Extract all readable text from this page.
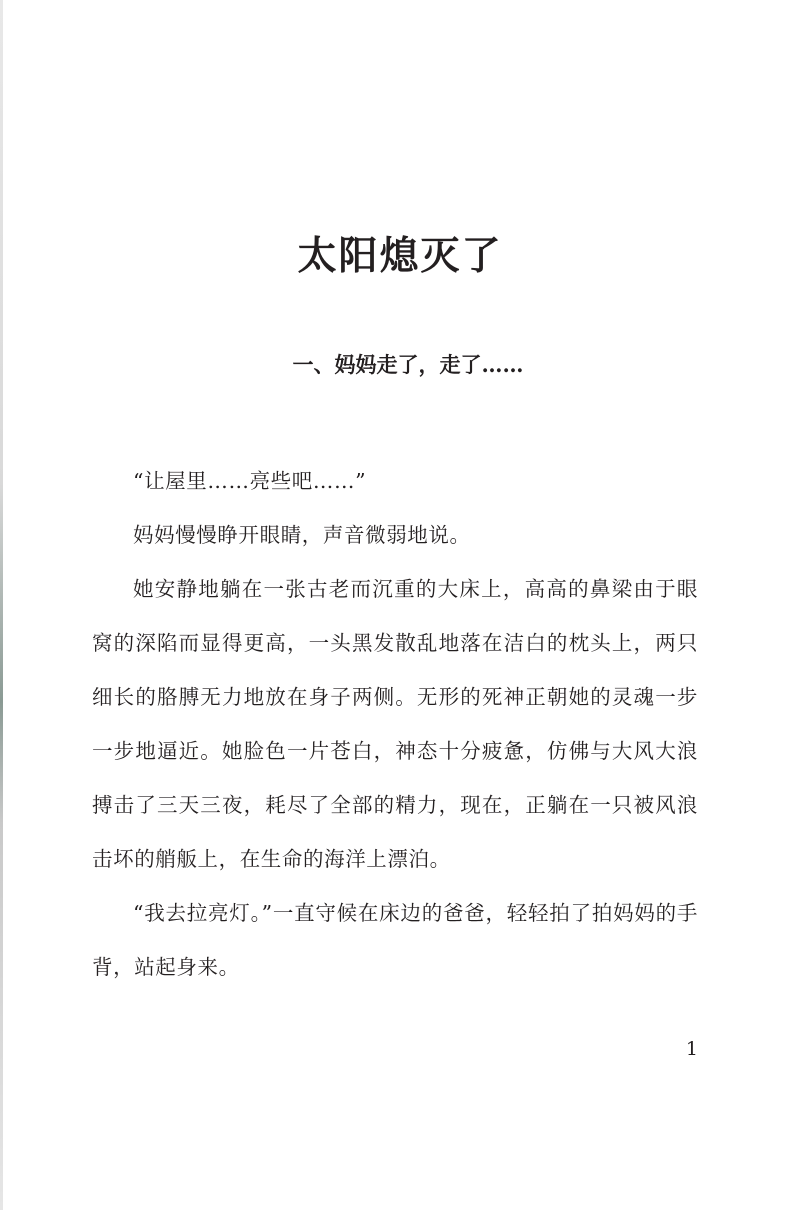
太阳熄灭了
一、妈妈走了，走了……

“让屋里……亮些吧……”

妈妈慢慢睁开眼睛，声音微弱地说。

她安静地躺在一张古老而沉重的大床上，高高的鼻梁由于眼窝的深陷而显得更高，一头黑发散乱地落在洁白的枕头上，两只细长的胳膊无力地放在身子两侧。无形的死神正朝她的灵魂一步一步地逼近。她脸色一片苍白，神态十分疲惫，仿佛与大风大浪搏击了三天三夜，耗尽了全部的精力，现在，正躺在一只被风浪击坏的艄舨上，在生命的海洋上漂泊。

“我去拉亮灯。”一直守候在床边的爸爸，轻轻拍了拍妈妈的手背，站起身来。

1
